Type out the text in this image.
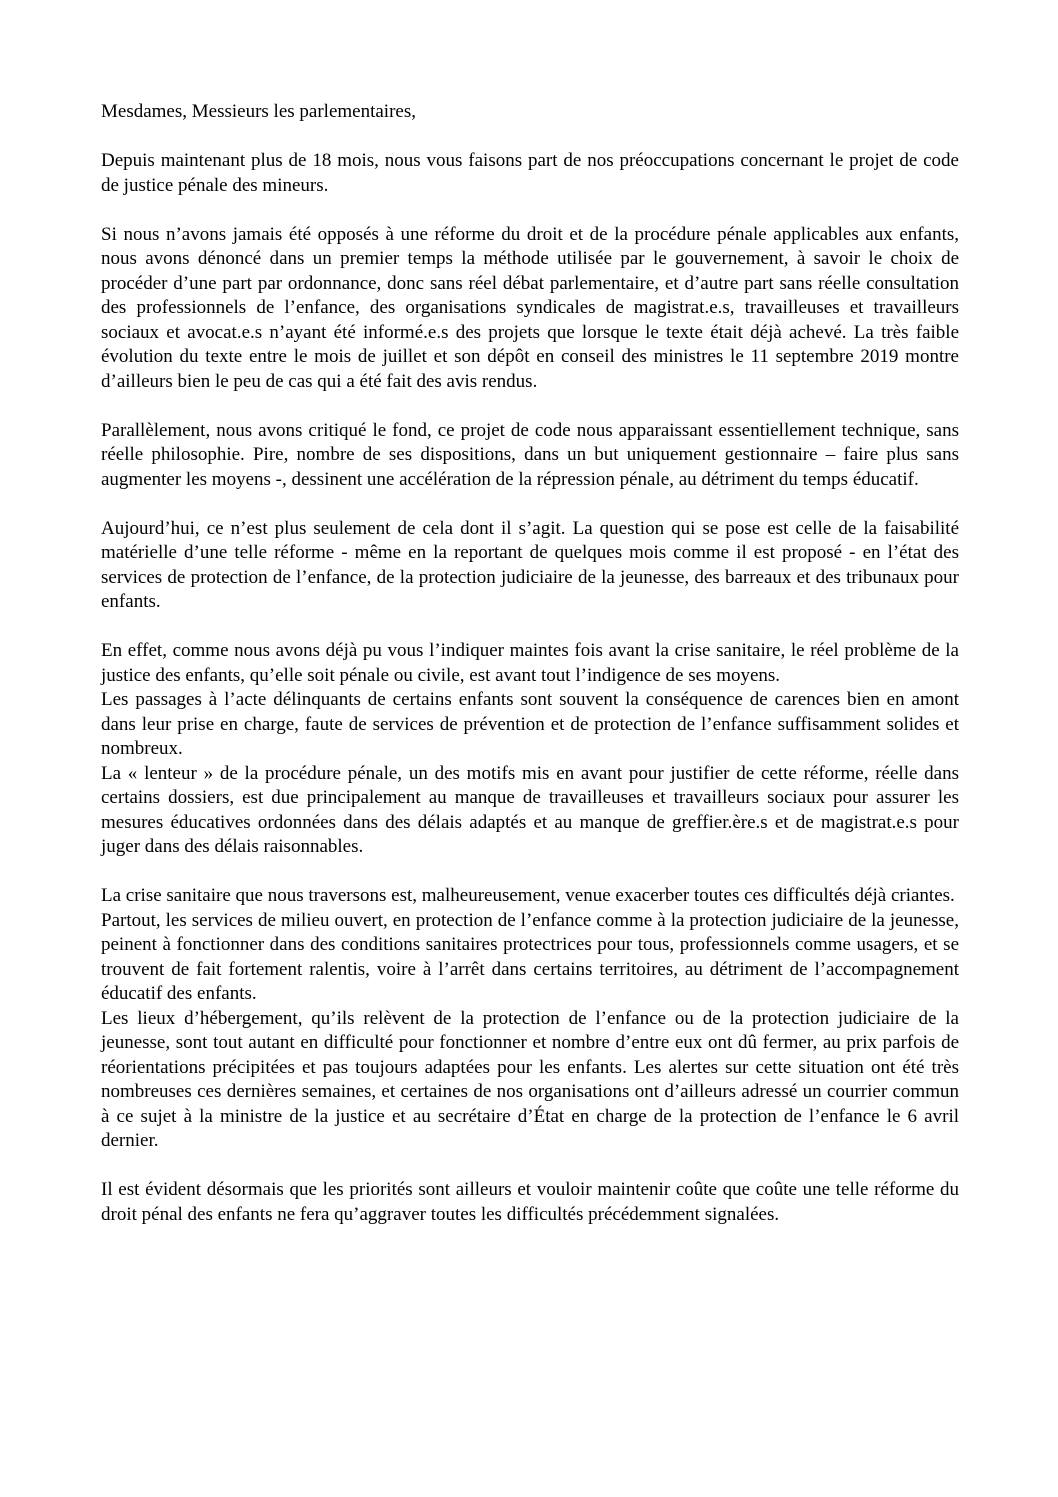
Mesdames, Messieurs les parlementaires,

Depuis maintenant plus de 18 mois, nous vous faisons part de nos préoccupations concernant le projet de code de justice pénale des mineurs.

Si nous n’avons jamais été opposés à une réforme du droit et de la procédure pénale applicables aux enfants, nous avons dénoncé dans un premier temps la méthode utilisée par le gouvernement, à savoir le choix de procéder d’une part par ordonnance, donc sans réel débat parlementaire, et d’autre part sans réelle consultation des professionnels de l’enfance, des organisations syndicales de magistrat.e.s, travailleuses et travailleurs sociaux et avocat.e.s n’ayant été informé.e.s des projets que lorsque le texte était déjà achevé. La très faible évolution du texte entre le mois de juillet et son dépôt en conseil des ministres le 11 septembre 2019 montre d’ailleurs bien le peu de cas qui a été fait des avis rendus.

Parallèlement, nous avons critiqué le fond, ce projet de code nous apparaissant essentiellement technique, sans réelle philosophie. Pire, nombre de ses dispositions, dans un but uniquement gestionnaire – faire plus sans augmenter les moyens -, dessinent une accélération de la répression pénale, au détriment du temps éducatif.

Aujourd’hui, ce n’est plus seulement de cela dont il s’agit. La question qui se pose est celle de la faisabilité matérielle d’une telle réforme - même en la reportant de quelques mois comme il est proposé - en l’état des services de protection de l’enfance, de la protection judiciaire de la jeunesse, des barreaux et des tribunaux pour enfants.

En effet, comme nous avons déjà pu vous l’indiquer maintes fois avant la crise sanitaire, le réel problème de la justice des enfants, qu’elle soit pénale ou civile, est avant tout l’indigence de ses moyens.

Les passages à l’acte délinquants de certains enfants sont souvent la conséquence de carences bien en amont dans leur prise en charge, faute de services de prévention et de protection de l’enfance suffisamment solides et nombreux.

La « lenteur » de la procédure pénale, un des motifs mis en avant pour justifier de cette réforme, réelle dans certains dossiers, est due principalement au manque de travailleuses et travailleurs sociaux pour assurer les mesures éducatives ordonnées dans des délais adaptés et au manque de greffier.ère.s et de magistrat.e.s pour juger dans des délais raisonnables.

La crise sanitaire que nous traversons est, malheureusement, venue exacerber toutes ces difficultés déjà criantes.

Partout, les services de milieu ouvert, en protection de l’enfance comme à la protection judiciaire de la jeunesse, peinent à fonctionner dans des conditions sanitaires protectrices pour tous, professionnels comme usagers, et se trouvent de fait fortement ralentis, voire à l’arrêt dans certains territoires, au détriment de l’accompagnement éducatif des enfants.

Les lieux d’hébergement, qu’ils relèvent de la protection de l’enfance ou de la protection judiciaire de la jeunesse, sont tout autant en difficulté pour fonctionner et nombre d’entre eux ont dû fermer, au prix parfois de réorientations précipitées et pas toujours adaptées pour les enfants. Les alertes sur cette situation ont été très nombreuses ces dernières semaines, et certaines de nos organisations ont d’ailleurs adressé un courrier commun à ce sujet à la ministre de la justice et au secrétaire d’État en charge de la protection de l’enfance le 6 avril dernier.

Il est évident désormais que les priorités sont ailleurs et vouloir maintenir coûte que coûte une telle réforme du droit pénal des enfants ne fera qu’aggraver toutes les difficultés précédemment signalées.
